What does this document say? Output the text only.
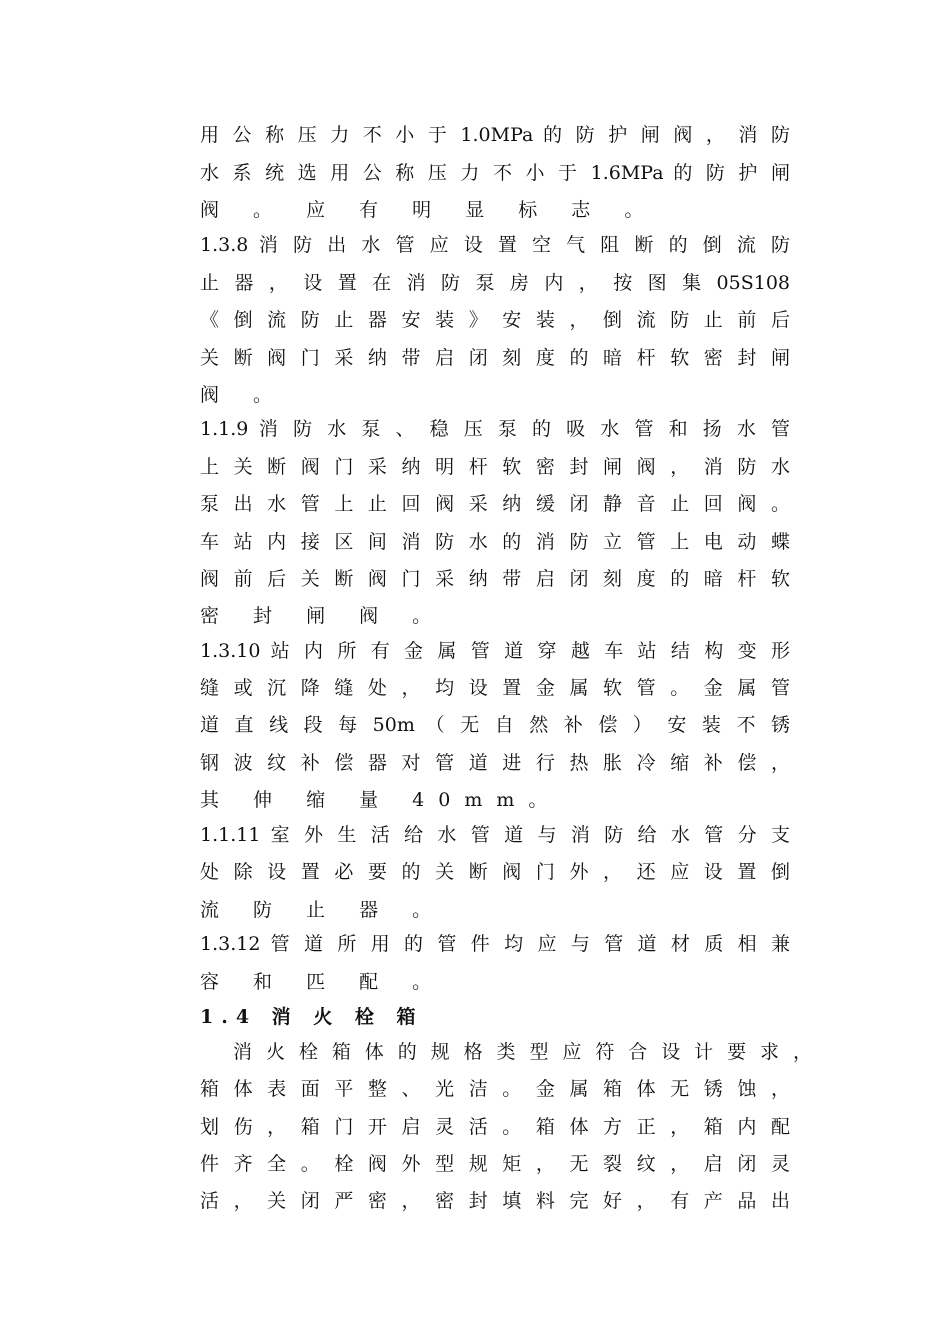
用 公 称 压 力 不 小 于 1.0MPa 的 防 护 闸 阀 ， 消 防
水 系 统 选 用 公 称 压 力 不 小 于 1.6MPa 的 防 护 闸
阀 。 应 有 明 显 标 志 。
1.3.8 消 防 出 水 管 应 设 置 空 气 阻 断 的 倒 流 防
止 器 ， 设 置 在 消 防 泵 房 内 ， 按 图 集 05S108
《 倒 流 防 止 器 安 装 》 安 装 ， 倒 流 防 止 前 后
关 断 阀 门 采 纳 带 启 闭 刻 度 的 暗 杆 软 密 封 闸
阀 。
1.1.9 消 防 水 泵 、 稳 压 泵 的 吸 水 管 和 扬 水 管
上 关 断 阀 门 采 纳 明 杆 软 密 封 闸 阀 ， 消 防 水
泵 出 水 管 上 止 回 阀 采 纳 缓 闭 静 音 止 回 阀 。
车 站 内 接 区 间 消 防 水 的 消 防 立 管 上 电 动 蝶
阀 前 后 关 断 阀 门 采 纳 带 启 闭 刻 度 的 暗 杆 软
密 封 闸 阀 。
1.3.10 站 内 所 有 金 属 管 道 穿 越 车 站 结 构 变 形
缝 或 沉 降 缝 处 ， 均 设 置 金 属 软 管 。 金 属 管
道 直 线 段 每 50m （ 无 自 然 补 偿 ） 安 装 不 锈
钢 波 纹 补 偿 器 对 管 道 进 行 热 胀 冷 缩 补 偿 ，
其 伸 缩 量 40mm。
1.1.11 室 外 生 活 给 水 管 道 与 消 防 给 水 管 分 支
处 除 设 置 必 要 的 关 断 阀 门 外 ， 还 应 设 置 倒
流 防 止 器 。
1.3.12 管 道 所 用 的 管 件 均 应 与 管 道 材 质 相 兼
容 和 匹 配 。
1.4 消 火 栓 箱
消 火 栓 箱 体 的 规 格 类 型 应 符 合 设 计 要 求 ，
箱 体 表 面 平 整 、 光 洁 。 金 属 箱 体 无 锈 蚀 ，
划 伤 ， 箱 门 开 启 灵 活 。 箱 体 方 正 ， 箱 内 配
件 齐 全 。 栓 阀 外 型 规 矩 ， 无 裂 纹 ， 启 闭 灵
活 ， 关 闭 严 密 ， 密 封 填 料 完 好 ， 有 产 品 出
